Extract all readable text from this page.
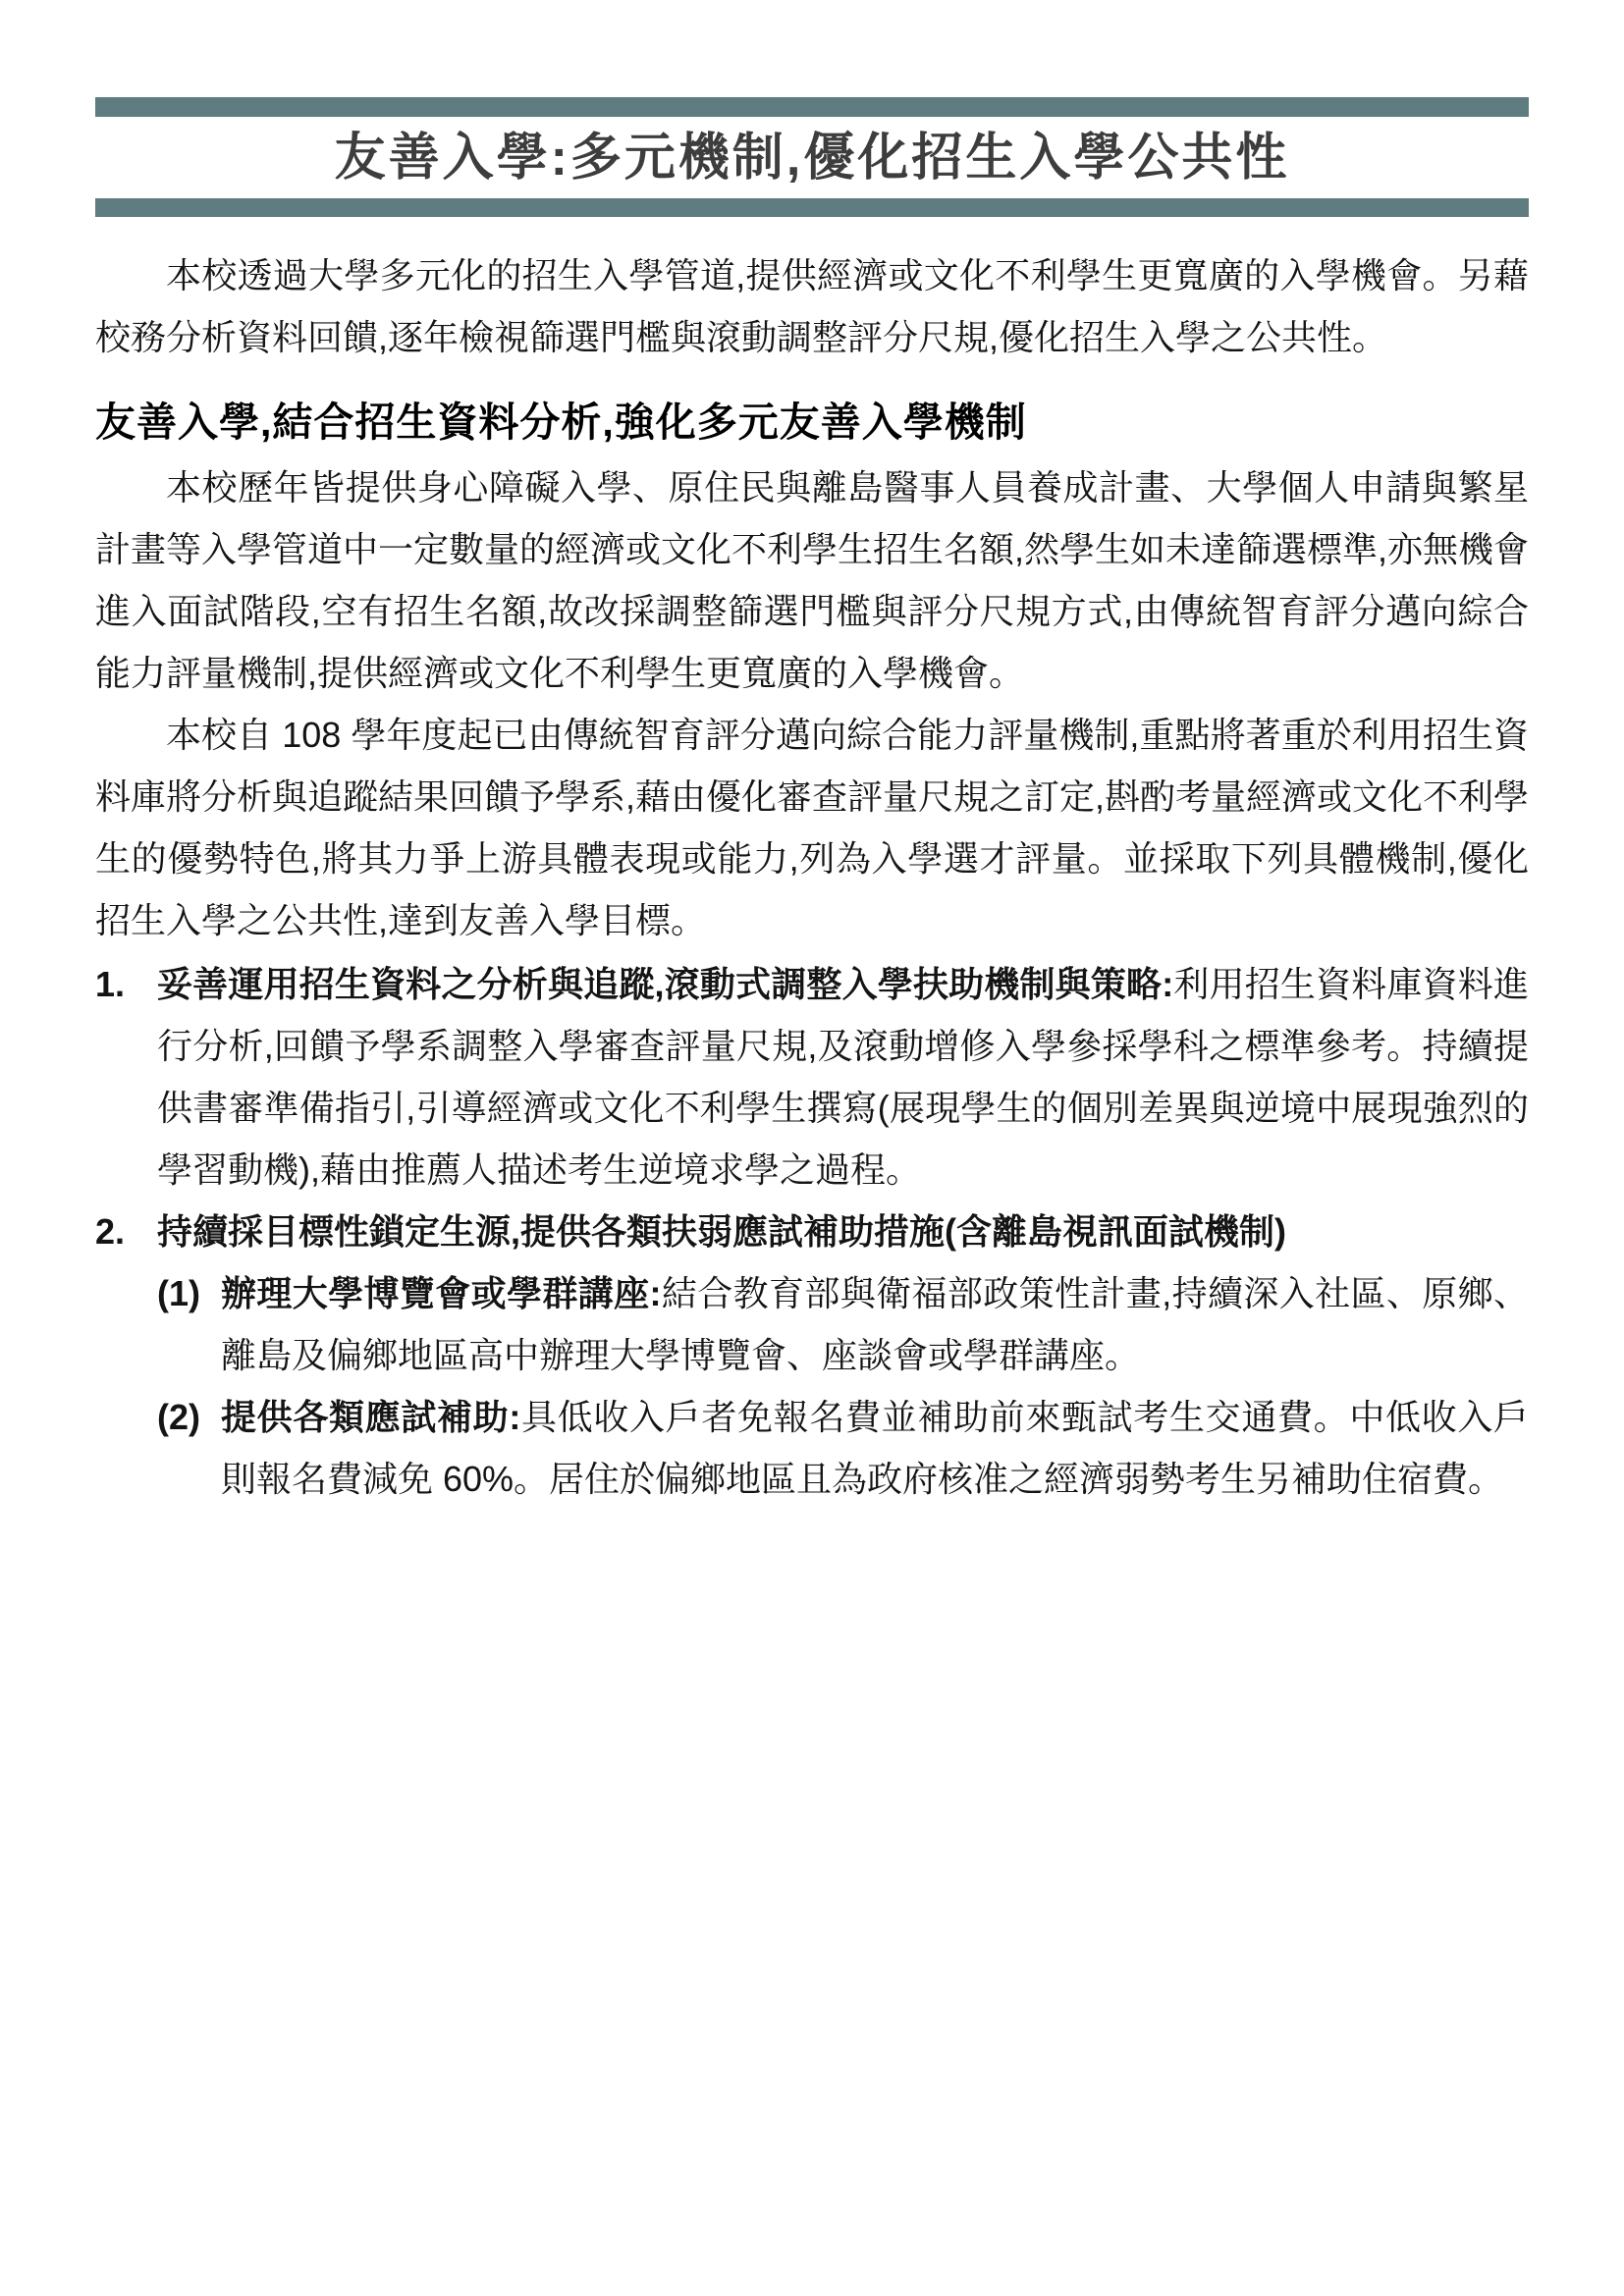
友善入學:多元機制,優化招生入學公共性

本校透過大學多元化的招生入學管道,提供經濟或文化不利學生更寬廣的入學機會。另藉校務分析資料回饋,逐年檢視篩選門檻與滾動調整評分尺規,優化招生入學之公共性。

友善入學,結合招生資料分析,強化多元友善入學機制

本校歷年皆提供身心障礙入學、原住民與離島醫事人員養成計畫、大學個人申請與繁星計畫等入學管道中一定數量的經濟或文化不利學生招生名額,然學生如未達篩選標準,亦無機會進入面試階段,空有招生名額,故改採調整篩選門檻與評分尺規方式,由傳統智育評分邁向綜合能力評量機制,提供經濟或文化不利學生更寬廣的入學機會。

本校自 108 學年度起已由傳統智育評分邁向綜合能力評量機制,重點將著重於利用招生資料庫將分析與追蹤結果回饋予學系,藉由優化審查評量尺規之訂定,斟酌考量經濟或文化不利學生的優勢特色,將其力爭上游具體表現或能力,列為入學選才評量。並採取下列具體機制,優化招生入學之公共性,達到友善入學目標。

1. 妥善運用招生資料之分析與追蹤,滾動式調整入學扶助機制與策略:利用招生資料庫資料進行分析,回饋予學系調整入學審查評量尺規,及滾動增修入學參採學科之標準參考。持續提供書審準備指引,引導經濟或文化不利學生撰寫(展現學生的個別差異與逆境中展現強烈的學習動機),藉由推薦人描述考生逆境求學之過程。
2. 持續採目標性鎖定生源,提供各類扶弱應試補助措施(含離島視訊面試機制)
(1) 辦理大學博覽會或學群講座:結合教育部與衛福部政策性計畫,持續深入社區、原鄉、離島及偏鄉地區高中辦理大學博覽會、座談會或學群講座。
(2) 提供各類應試補助:具低收入戶者免報名費並補助前來甄試考生交通費。中低收入戶則報名費減免 60%。居住於偏鄉地區且為政府核准之經濟弱勢考生另補助住宿費。
